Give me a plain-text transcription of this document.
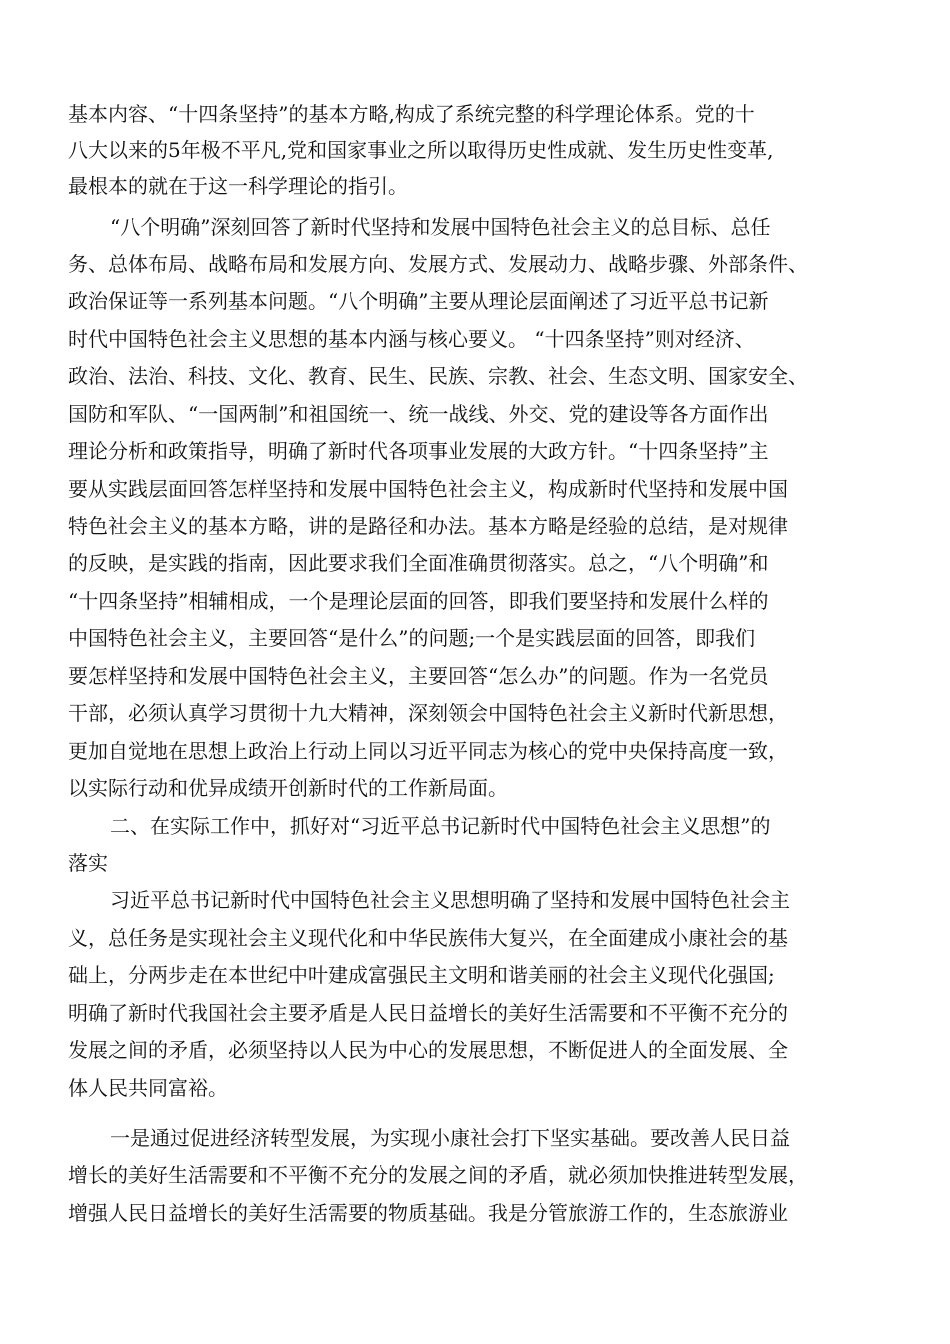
基本内容、“十四条坚持”的基本方略,构成了系统完整的科学理论体系。党的十
八大以来的5年极不平凡,党和国家事业之所以取得历史性成就、发生历史性变革,
最根本的就在于这一科学理论的指引。
“八个明确”深刻回答了新时代坚持和发展中国特色社会主义的总目标、总任
务、总体布局、战略布局和发展方向、发展方式、发展动力、战略步骤、外部条件、
政治保证等一系列基本问题。“八个明确”主要从理论层面阐述了习近平总书记新
时代中国特色社会主义思想的基本内涵与核心要义。 “十四条坚持”则对经济、
政治、法治、科技、文化、教育、民生、民族、宗教、社会、生态文明、国家安全、
国防和军队、“一国两制”和祖国统一、统一战线、外交、党的建设等各方面作出
理论分析和政策指导，明确了新时代各项事业发展的大政方针。“十四条坚持”主
要从实践层面回答怎样坚持和发展中国特色社会主义，构成新时代坚持和发展中国
特色社会主义的基本方略，讲的是路径和办法。基本方略是经验的总结，是对规律
的反映，是实践的指南，因此要求我们全面准确贯彻落实。总之，“八个明确”和
“十四条坚持”相辅相成，一个是理论层面的回答，即我们要坚持和发展什么样的
中国特色社会主义，主要回答“是什么”的问题;一个是实践层面的回答，即我们
要怎样坚持和发展中国特色社会主义，主要回答“怎么办”的问题。作为一名党员
干部，必须认真学习贯彻十九大精神，深刻领会中国特色社会主义新时代新思想，
更加自觉地在思想上政治上行动上同以习近平同志为核心的党中央保持高度一致，
以实际行动和优异成绩开创新时代的工作新局面。
二、在实际工作中，抓好对“习近平总书记新时代中国特色社会主义思想”的
落实
习近平总书记新时代中国特色社会主义思想明确了坚持和发展中国特色社会主
义，总任务是实现社会主义现代化和中华民族伟大复兴，在全面建成小康社会的基
础上，分两步走在本世纪中叶建成富强民主文明和谐美丽的社会主义现代化强国;
明确了新时代我国社会主要矛盾是人民日益增长的美好生活需要和不平衡不充分的
发展之间的矛盾，必须坚持以人民为中心的发展思想，不断促进人的全面发展、全
体人民共同富裕。
一是通过促进经济转型发展，为实现小康社会打下坚实基础。要改善人民日益
增长的美好生活需要和不平衡不充分的发展之间的矛盾，就必须加快推进转型发展，
增强人民日益增长的美好生活需要的物质基础。我是分管旅游工作的，生态旅游业
